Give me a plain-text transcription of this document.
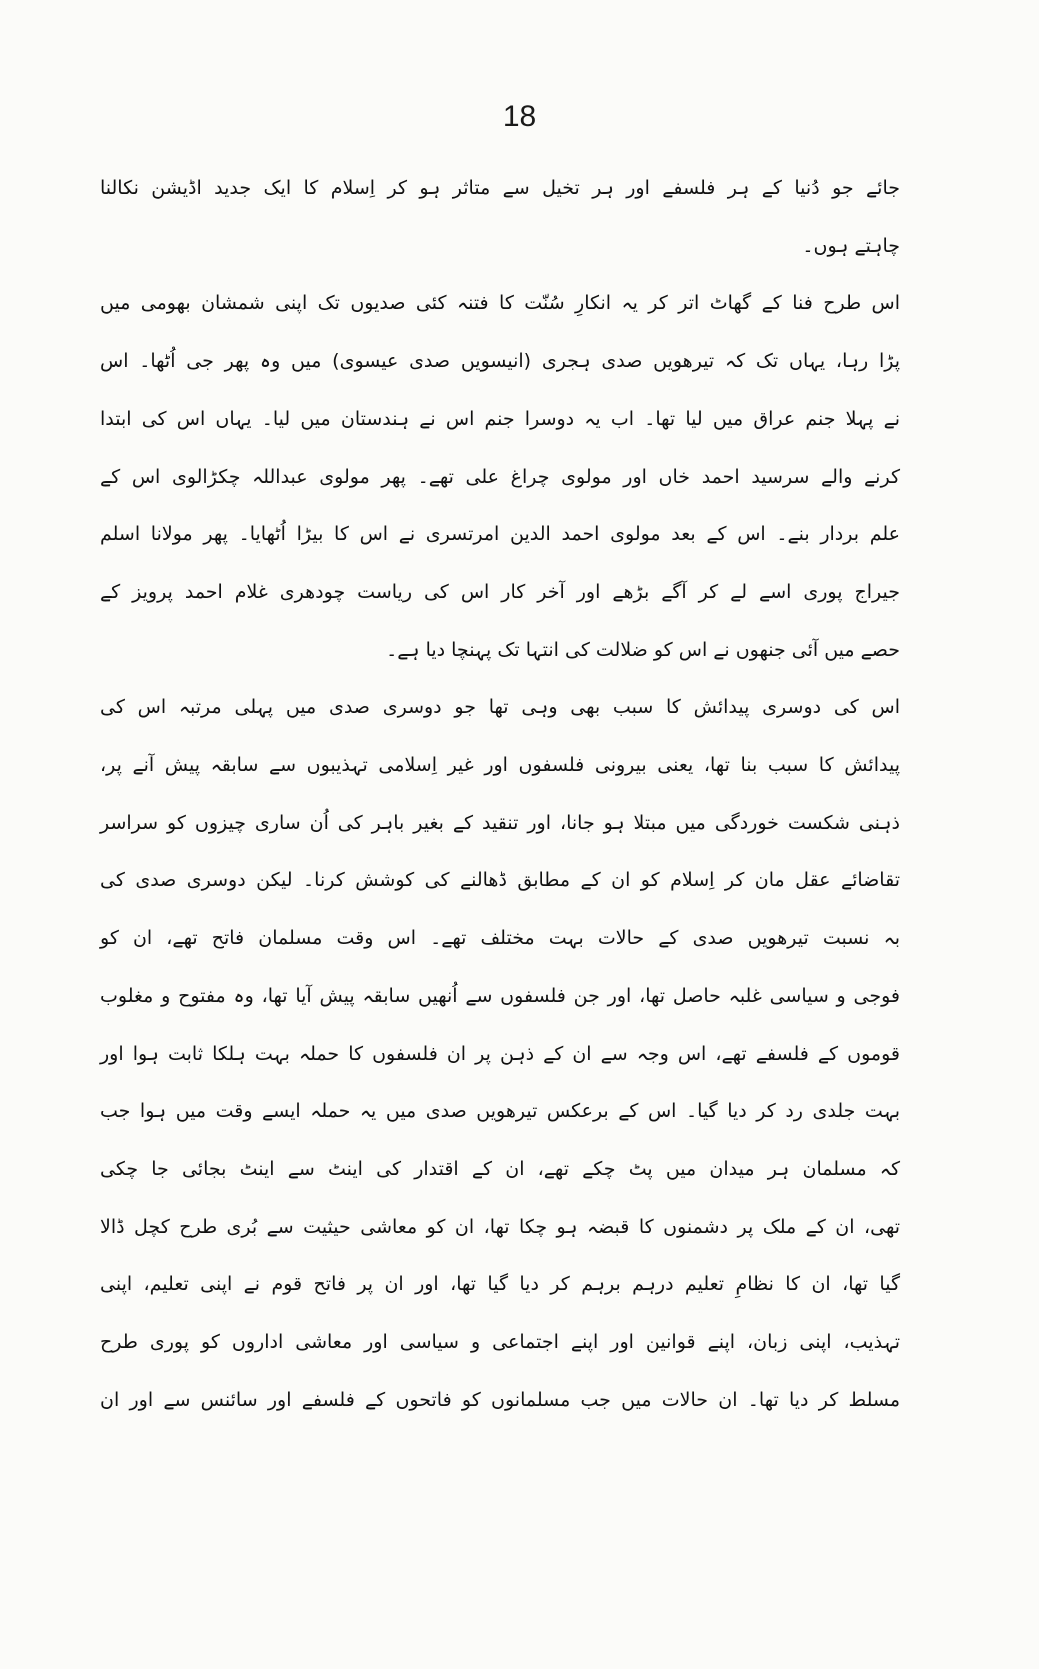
18
جائے جو دُنیا کے ہر فلسفے اور ہر تخیل سے متاثر ہو کر اِسلام کا ایک جدید اڈیشن نکالنا
چاہتے ہوں۔
اس طرح فنا کے گھاٹ اتر کر یہ انکارِ سُنّت کا فتنہ کئی صدیوں تک اپنی شمشان بھومی میں
پڑا رہا، یہاں تک کہ تیرھویں صدی ہجری (انیسویں صدی عیسوی) میں وہ پھر جی اُٹھا۔ اس
نے پہلا جنم عراق میں لیا تھا۔ اب یہ دوسرا جنم اس نے ہندستان میں لیا۔ یہاں اس کی ابتدا
کرنے والے سرسید احمد خاں اور مولوی چراغ علی تھے۔ پھر مولوی عبداللہ چکڑالوی اس کے
علم بردار بنے۔ اس کے بعد مولوی احمد الدین امرتسری نے اس کا بیڑا اُٹھایا۔ پھر مولانا اسلم
جیراج پوری اسے لے کر آگے بڑھے اور آخر کار اس کی ریاست چودھری غلام احمد پرویز کے
حصے میں آئی جنھوں نے اس کو ضلالت کی انتہا تک پہنچا دیا ہے۔
اس کی دوسری پیدائش کا سبب بھی وہی تھا جو دوسری صدی میں پہلی مرتبہ اس کی
پیدائش کا سبب بنا تھا، یعنی بیرونی فلسفوں اور غیر اِسلامی تہذیبوں سے سابقہ پیش آنے پر،
ذہنی شکست خوردگی میں مبتلا ہو جانا، اور تنقید کے بغیر باہر کی اُن ساری چیزوں کو سراسر
تقاضائے عقل مان کر اِسلام کو ان کے مطابق ڈھالنے کی کوشش کرنا۔ لیکن دوسری صدی کی
بہ نسبت تیرھویں صدی کے حالات بہت مختلف تھے۔ اس وقت مسلمان فاتح تھے، ان کو
فوجی و سیاسی غلبہ حاصل تھا، اور جن فلسفوں سے اُنھیں سابقہ پیش آیا تھا، وہ مفتوح و مغلوب
قوموں کے فلسفے تھے، اس وجہ سے ان کے ذہن پر ان فلسفوں کا حملہ بہت ہلکا ثابت ہوا اور
بہت جلدی رد کر دیا گیا۔ اس کے برعکس تیرھویں صدی میں یہ حملہ ایسے وقت میں ہوا جب
کہ مسلمان ہر میدان میں پٹ چکے تھے، ان کے اقتدار کی اینٹ سے اینٹ بجائی جا چکی
تھی، ان کے ملک پر دشمنوں کا قبضہ ہو چکا تھا، ان کو معاشی حیثیت سے بُری طرح کچل ڈالا
گیا تھا، ان کا نظامِ تعلیم درہم برہم کر دیا گیا تھا، اور ان پر فاتح قوم نے اپنی تعلیم، اپنی
تہذیب، اپنی زبان، اپنے قوانین اور اپنے اجتماعی و سیاسی اور معاشی اداروں کو پوری طرح
مسلط کر دیا تھا۔ ان حالات میں جب مسلمانوں کو فاتحوں کے فلسفے اور سائنس سے اور ان
